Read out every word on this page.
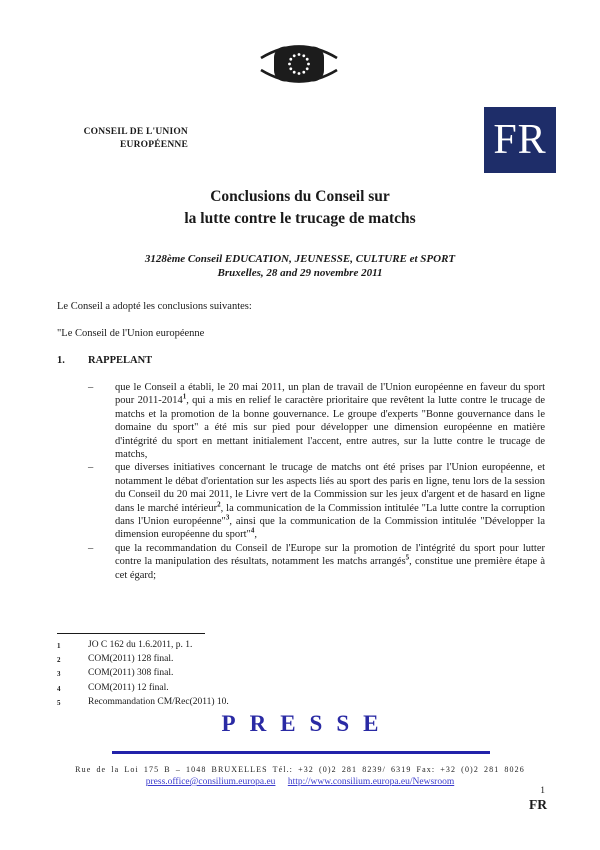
CONSEIL DE L'UNION
EUROPÉENNE	FR
Conclusions du Conseil sur
la lutte contre le trucage de matchs
3128ème Conseil EDUCATION, JEUNESSE, CULTURE et SPORT
Bruxelles, 28 and 29 novembre 2011
Le Conseil a adopté les conclusions suivantes:
"Le Conseil de l'Union européenne
1.	RAPPELANT
–	que le Conseil a établi, le 20 mai 2011, un plan de travail de l'Union européenne en faveur du sport pour 2011-2014$^1$, qui a mis en relief le caractère prioritaire que revêtent la lutte contre le trucage de matchs et la promotion de la bonne gouvernance. Le groupe d'experts "Bonne gouvernance dans le domaine du sport" a été mis sur pied pour développer une dimension européenne en matière d'intégrité du sport en mettant initialement l'accent, entre autres, sur la lutte contre le trucage de matchs,
–	que diverses initiatives concernant le trucage de matchs ont été prises par l'Union européenne, et notamment le débat d'orientation sur les aspects liés au sport des paris en ligne, tenu lors de la session du Conseil du 20 mai 2011, le Livre vert de la Commission sur les jeux d'argent et de hasard en ligne dans le marché intérieur$^2$, la communication de la Commission intitulée "La lutte contre la corruption dans l'Union européenne"$^3$, ainsi que la communication de la Commission intitulée "Développer la dimension européenne du sport"$^4$,
–	que la recommandation du Conseil de l'Europe sur la promotion de l'intégrité du sport pour lutter contre la manipulation des résultats, notamment les matchs arrangés$^5$, constitue une première étape à cet égard;
1	JO C 162 du 1.6.2011, p. 1.
2	COM(2011) 128 final.
3	COM(2011) 308 final.
4	COM(2011) 12 final.
5	Recommandation CM/Rec(2011) 10.
PRESSE
Rue de la Loi 175 B – 1048 BRUXELLES Tél.: +32 (0)2 281 8239/ 6319 Fax: +32 (0)2 281 8026
press.office@consilium.europa.eu http://www.consilium.europa.eu/Newsroom
1
FR
